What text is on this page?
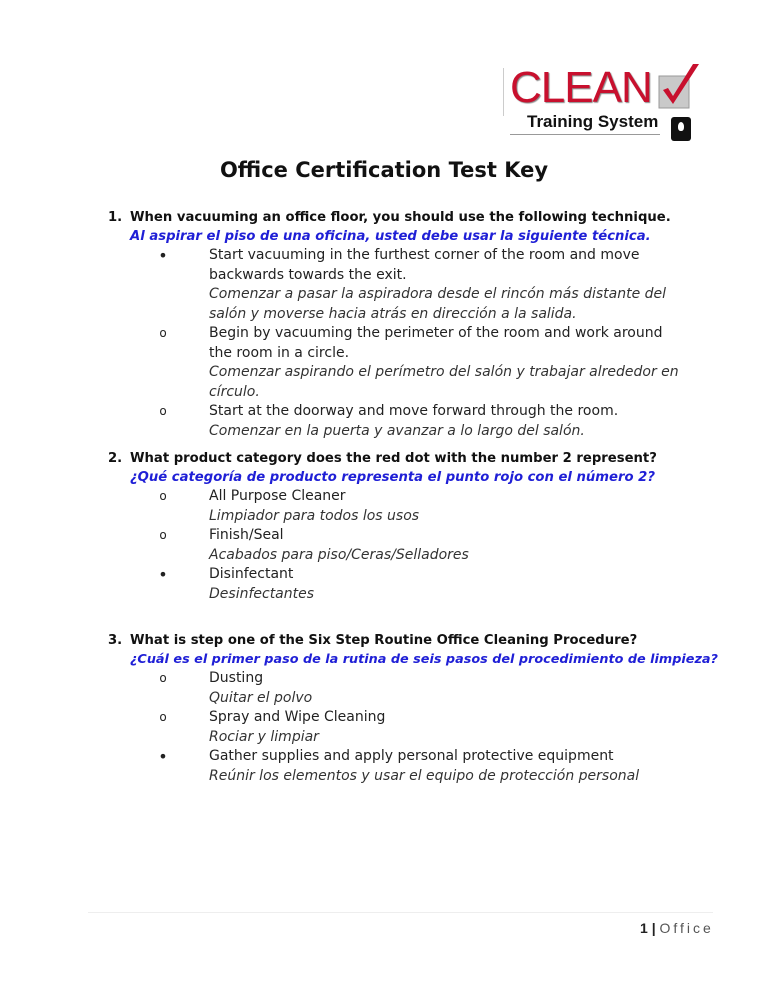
CLEAN
Training System
Office Certification Test Key
1. When vacuuming an office floor, you should use the following technique.
Al aspirar el piso de una oficina, usted debe usar la siguiente técnica.
•
Start vacuuming in the furthest corner of the room and move backwards towards the exit.
Comenzar a pasar la aspiradora desde el rincón más distante del salón y moverse hacia atrás en dirección a la salida.
o
Begin by vacuuming the perimeter of the room and work around the room in a circle.
Comenzar aspirando el perímetro del salón y trabajar alrededor en círculo.
o
Start at the doorway and move forward through the room.
Comenzar en la puerta y avanzar a lo largo del salón.
2. What product category does the red dot with the number 2 represent?
¿Qué categoría de producto representa el punto rojo con el número 2?
o
All Purpose Cleaner
Limpiador para todos los usos
o
Finish/Seal
Acabados para piso/Ceras/Selladores
•
Disinfectant
Desinfectantes
3. What is step one of the Six Step Routine Office Cleaning Procedure?
¿Cuál es el primer paso de la rutina de seis pasos del procedimiento de limpieza?
o
Dusting
Quitar el polvo
o
Spray and Wipe Cleaning
Rociar y limpiar
•
Gather supplies and apply personal protective equipment
Reúnir los elementos y usar el equipo de protección personal
1 | Office
